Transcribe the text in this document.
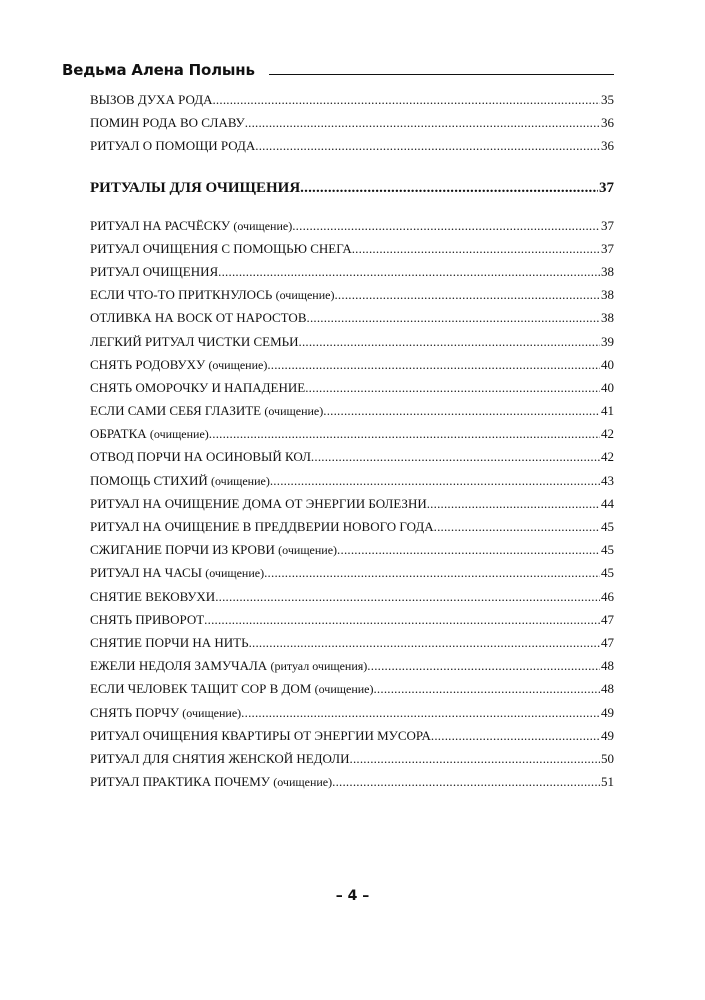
Ведьма Алена Полынь
ВЫЗОВ ДУХА РОДА .....	35
ПОМИН РОДА ВО СЛАВУ .....	36
РИТУАЛ О ПОМОЩИ РОДА .....	36
РИТУАЛЫ ДЛЯ ОЧИЩЕНИЯ .....	37
РИТУАЛ НА РАСЧЁСКУ (очищение) .....	37
РИТУАЛ ОЧИЩЕНИЯ С ПОМОЩЬЮ СНЕГА .....	37
РИТУАЛ ОЧИЩЕНИЯ .....	38
ЕСЛИ ЧТО-ТО ПРИТКНУЛОСЬ (очищение) .....	38
ОТЛИВКА НА ВОСК ОТ НАРОСТОВ .....	38
ЛЕГКИЙ РИТУАЛ ЧИСТКИ СЕМЬИ .....	39
СНЯТЬ РОДОВУХУ (очищение) .....	40
СНЯТЬ ОМОРОЧКУ И НАПАДЕНИЕ .....	40
ЕСЛИ САМИ СЕБЯ ГЛАЗИТЕ (очищение) .....	41
ОБРАТКА (очищение) .....	42
ОТВОД ПОРЧИ НА ОСИНОВЫЙ КОЛ .....	42
ПОМОЩЬ СТИХИЙ (очищение) .....	43
РИТУАЛ НА ОЧИЩЕНИЕ ДОМА ОТ ЭНЕРГИИ БОЛЕЗНИ .....	44
РИТУАЛ НА ОЧИЩЕНИЕ В ПРЕДДВЕРИИ НОВОГО ГОДА .....	45
СЖИГАНИЕ ПОРЧИ ИЗ КРОВИ (очищение) .....	45
РИТУАЛ НА ЧАСЫ (очищение) .....	45
СНЯТИЕ ВЕКОВУХИ .....	46
СНЯТЬ ПРИВОРОТ .....	47
СНЯТИЕ ПОРЧИ НА НИТЬ .....	47
ЕЖЕЛИ НЕДОЛЯ ЗАМУЧАЛА (ритуал очищения) .....	48
ЕСЛИ ЧЕЛОВЕК ТАЩИТ СОР В ДОМ (очищение) .....	48
СНЯТЬ ПОРЧУ (очищение) .....	49
РИТУАЛ ОЧИЩЕНИЯ КВАРТИРЫ ОТ ЭНЕРГИИ МУСОРА .....	49
РИТУАЛ ДЛЯ СНЯТИЯ ЖЕНСКОЙ НЕДОЛИ .....	50
РИТУАЛ ПРАКТИКА ПОЧЕМУ (очищение) .....	51
– 4 –
